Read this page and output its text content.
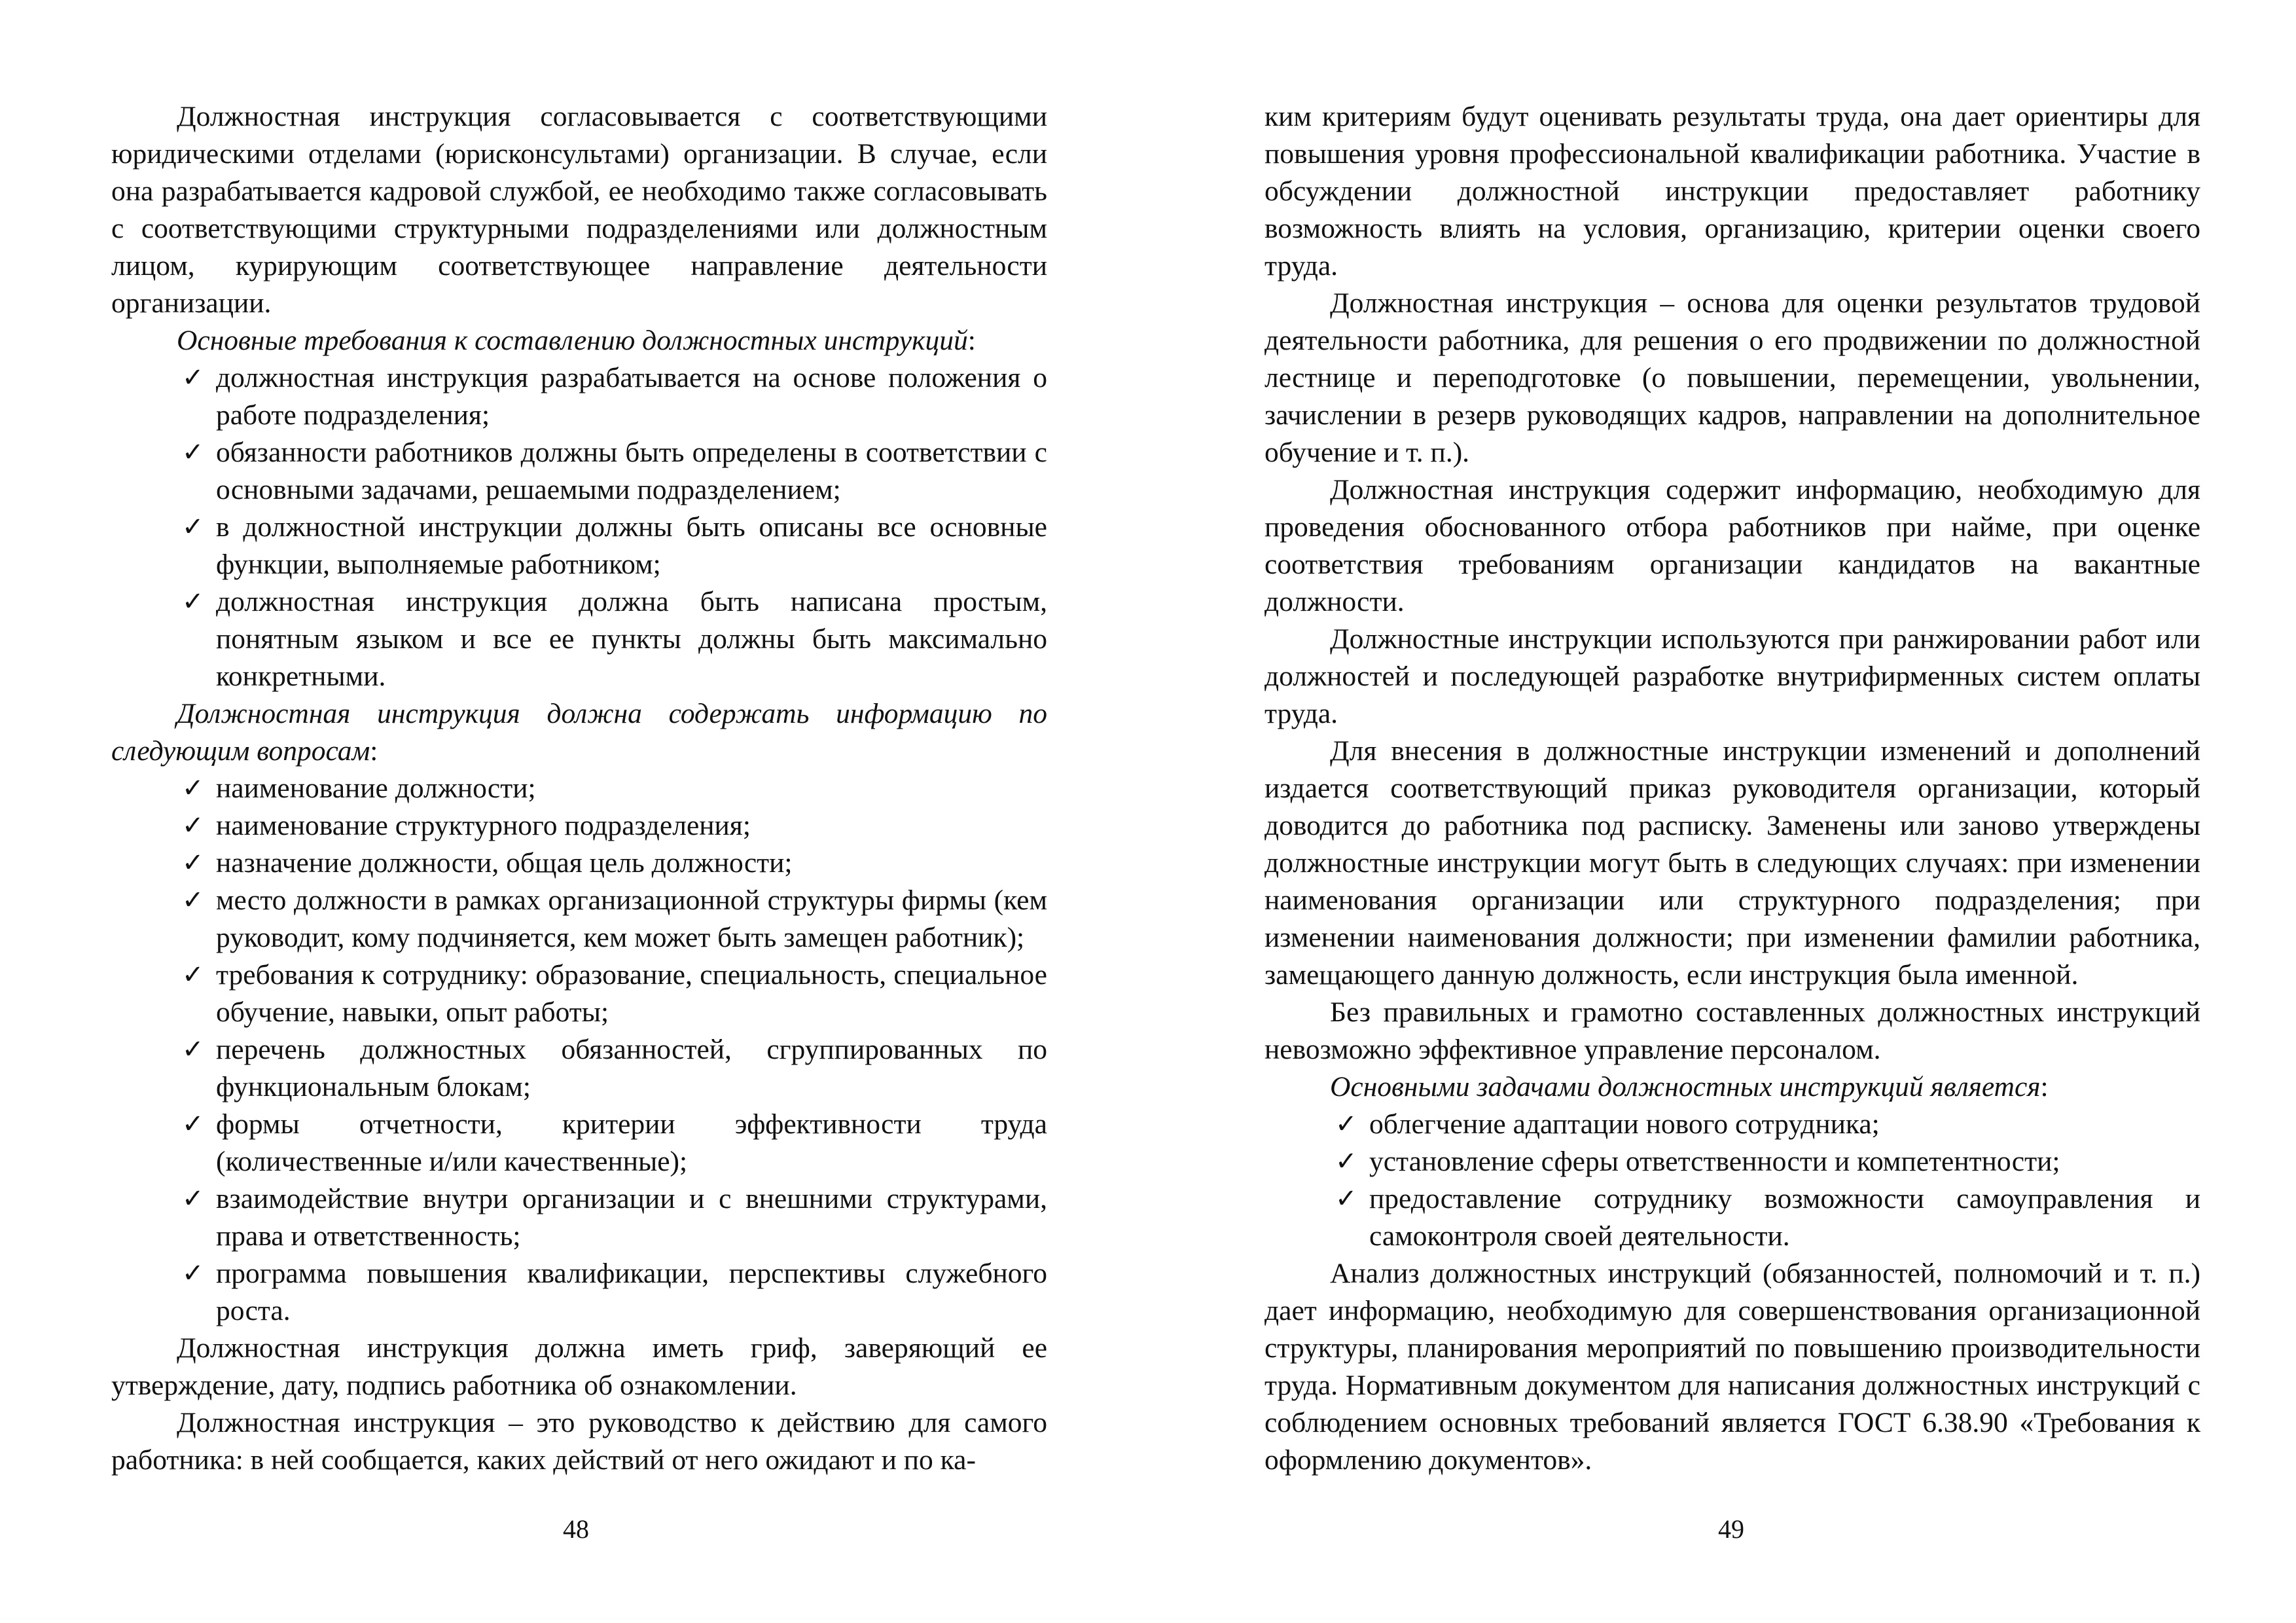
Должностная инструкция согласовывается с соответствующими юридическими отделами (юрисконсультами) организации. В случае, если она разрабатывается кадровой службой, ее необходимо также согласовывать с соответствующими структурными подразделениями или должностным лицом, курирующим соответствующее направление деятельности организации.

Основные требования к составлению должностных инструкций:

✓ должностная инструкция разрабатывается на основе положения о работе подразделения;
✓ обязанности работников должны быть определены в соответствии с основными задачами, решаемыми подразделением;
✓ в должностной инструкции должны быть описаны все основные функции, выполняемые работником;
✓ должностная инструкция должна быть написана простым, понятным языком и все ее пункты должны быть максимально конкретными.

Должностная инструкция должна содержать информацию по следующим вопросам:

✓ наименование должности;
✓ наименование структурного подразделения;
✓ назначение должности, общая цель должности;
✓ место должности в рамках организационной структуры фирмы (кем руководит, кому подчиняется, кем может быть замещен работник);
✓ требования к сотруднику: образование, специальность, специальное обучение, навыки, опыт работы;
✓ перечень должностных обязанностей, сгруппированных по функциональным блокам;
✓ формы отчетности, критерии эффективности труда (количественные и/или качественные);
✓ взаимодействие внутри организации и с внешними структурами, права и ответственность;
✓ программа повышения квалификации, перспективы служебного роста.

Должностная инструкция должна иметь гриф, заверяющий ее утверждение, дату, подпись работника об ознакомлении.

Должностная инструкция – это руководство к действию для самого работника: в ней сообщается, каких действий от него ожидают и по ка-

48

ким критериям будут оценивать результаты труда, она дает ориентиры для повышения уровня профессиональной квалификации работника. Участие в обсуждении должностной инструкции предоставляет работнику возможность влиять на условия, организацию, критерии оценки своего труда.

Должностная инструкция – основа для оценки результатов трудовой деятельности работника, для решения о его продвижении по должностной лестнице и переподготовке (о повышении, перемещении, увольнении, зачислении в резерв руководящих кадров, направлении на дополнительное обучение и т. п.).

Должностная инструкция содержит информацию, необходимую для проведения обоснованного отбора работников при найме, при оценке соответствия требованиям организации кандидатов на вакантные должности.

Должностные инструкции используются при ранжировании работ или должностей и последующей разработке внутрифирменных систем оплаты труда.

Для внесения в должностные инструкции изменений и дополнений издается соответствующий приказ руководителя организации, который доводится до работника под расписку. Заменены или заново утверждены должностные инструкции могут быть в следующих случаях: при изменении наименования организации или структурного подразделения; при изменении наименования должности; при изменении фамилии работника, замещающего данную должность, если инструкция была именной.

Без правильных и грамотно составленных должностных инструкций невозможно эффективное управление персоналом.

Основными задачами должностных инструкций является:

✓ облегчение адаптации нового сотрудника;
✓ установление сферы ответственности и компетентности;
✓ предоставление сотруднику возможности самоуправления и самоконтроля своей деятельности.

Анализ должностных инструкций (обязанностей, полномочий и т. п.) дает информацию, необходимую для совершенствования организационной структуры, планирования мероприятий по повышению производительности труда. Нормативным документом для написания должностных инструкций с соблюдением основных требований является ГОСТ 6.38.90 «Требования к оформлению документов».

49
